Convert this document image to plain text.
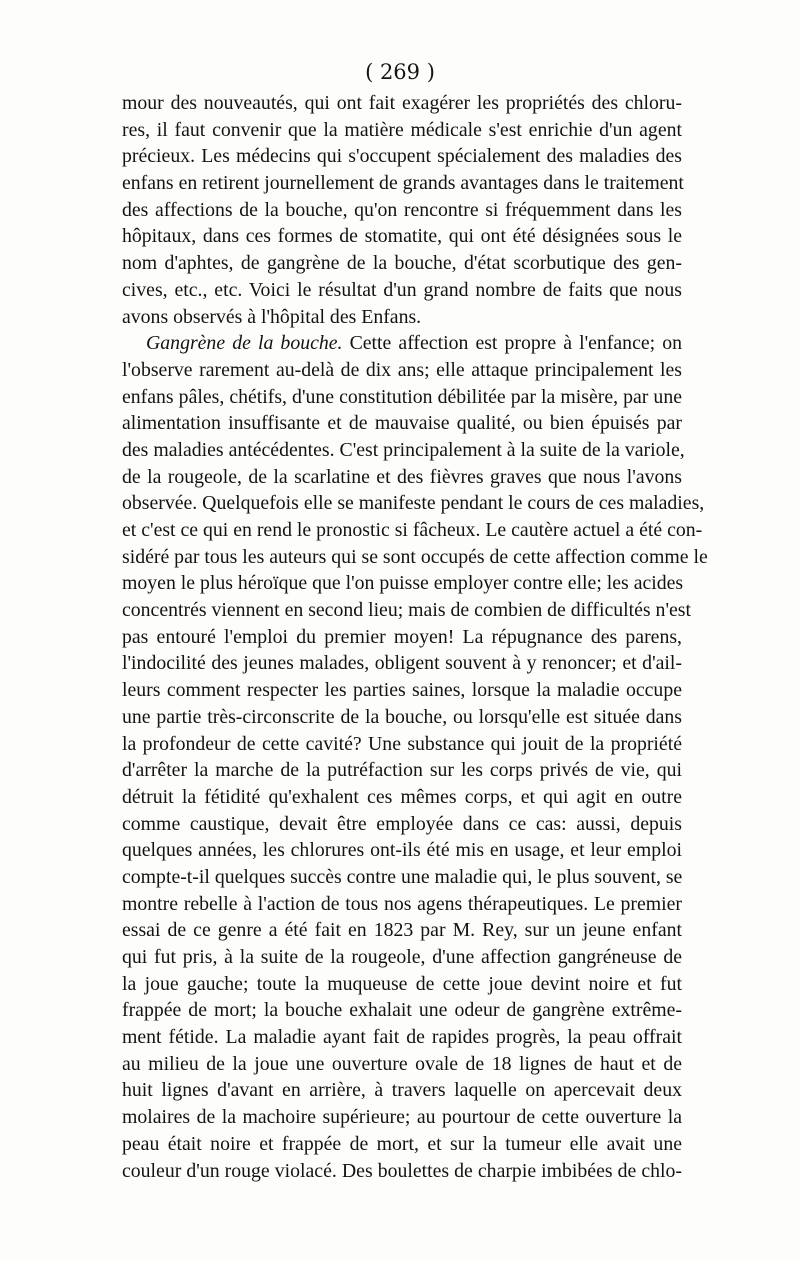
( 269 )
mour des nouveautés, qui ont fait exagérer les propriétés des chloru-
res, il faut convenir que la matière médicale s'est enrichie d'un agent
précieux. Les médecins qui s'occupent spécialement des maladies des
enfans en retirent journellement de grands avantages dans le traitement
des affections de la bouche, qu'on rencontre si fréquemment dans les
hôpitaux, dans ces formes de stomatite, qui ont été désignées sous le
nom d'aphtes, de gangrène de la bouche, d'état scorbutique des gen-
cives, etc., etc. Voici le résultat d'un grand nombre de faits que nous
avons observés à l'hôpital des Enfans.
Gangrène de la bouche. Cette affection est propre à l'enfance; on
l'observe rarement au-delà de dix ans; elle attaque principalement les
enfans pâles, chétifs, d'une constitution débilitée par la misère, par une
alimentation insuffisante et de mauvaise qualité, ou bien épuisés par
des maladies antécédentes. C'est principalement à la suite de la variole,
de la rougeole, de la scarlatine et des fièvres graves que nous l'avons
observée. Quelquefois elle se manifeste pendant le cours de ces maladies,
et c'est ce qui en rend le pronostic si fâcheux. Le cautère actuel a été con-
sidéré par tous les auteurs qui se sont occupés de cette affection comme le
moyen le plus héroïque que l'on puisse employer contre elle; les acides
concentrés viennent en second lieu; mais de combien de difficultés n'est
pas entouré l'emploi du premier moyen! La répugnance des parens,
l'indocilité des jeunes malades, obligent souvent à y renoncer; et d'ail-
leurs comment respecter les parties saines, lorsque la maladie occupe
une partie très-circonscrite de la bouche, ou lorsqu'elle est située dans
la profondeur de cette cavité? Une substance qui jouit de la propriété
d'arrêter la marche de la putréfaction sur les corps privés de vie, qui
détruit la fétidité qu'exhalent ces mêmes corps, et qui agit en outre
comme caustique, devait être employée dans ce cas: aussi, depuis
quelques années, les chlorures ont-ils été mis en usage, et leur emploi
compte-t-il quelques succès contre une maladie qui, le plus souvent, se
montre rebelle à l'action de tous nos agens thérapeutiques. Le premier
essai de ce genre a été fait en 1823 par M. Rey, sur un jeune enfant
qui fut pris, à la suite de la rougeole, d'une affection gangréneuse de
la joue gauche; toute la muqueuse de cette joue devint noire et fut
frappée de mort; la bouche exhalait une odeur de gangrène extrême-
ment fétide. La maladie ayant fait de rapides progrès, la peau offrait
au milieu de la joue une ouverture ovale de 18 lignes de haut et de
huit lignes d'avant en arrière, à travers laquelle on apercevait deux
molaires de la machoire supérieure; au pourtour de cette ouverture la
peau était noire et frappée de mort, et sur la tumeur elle avait une
couleur d'un rouge violacé. Des boulettes de charpie imbibées de chlo-
